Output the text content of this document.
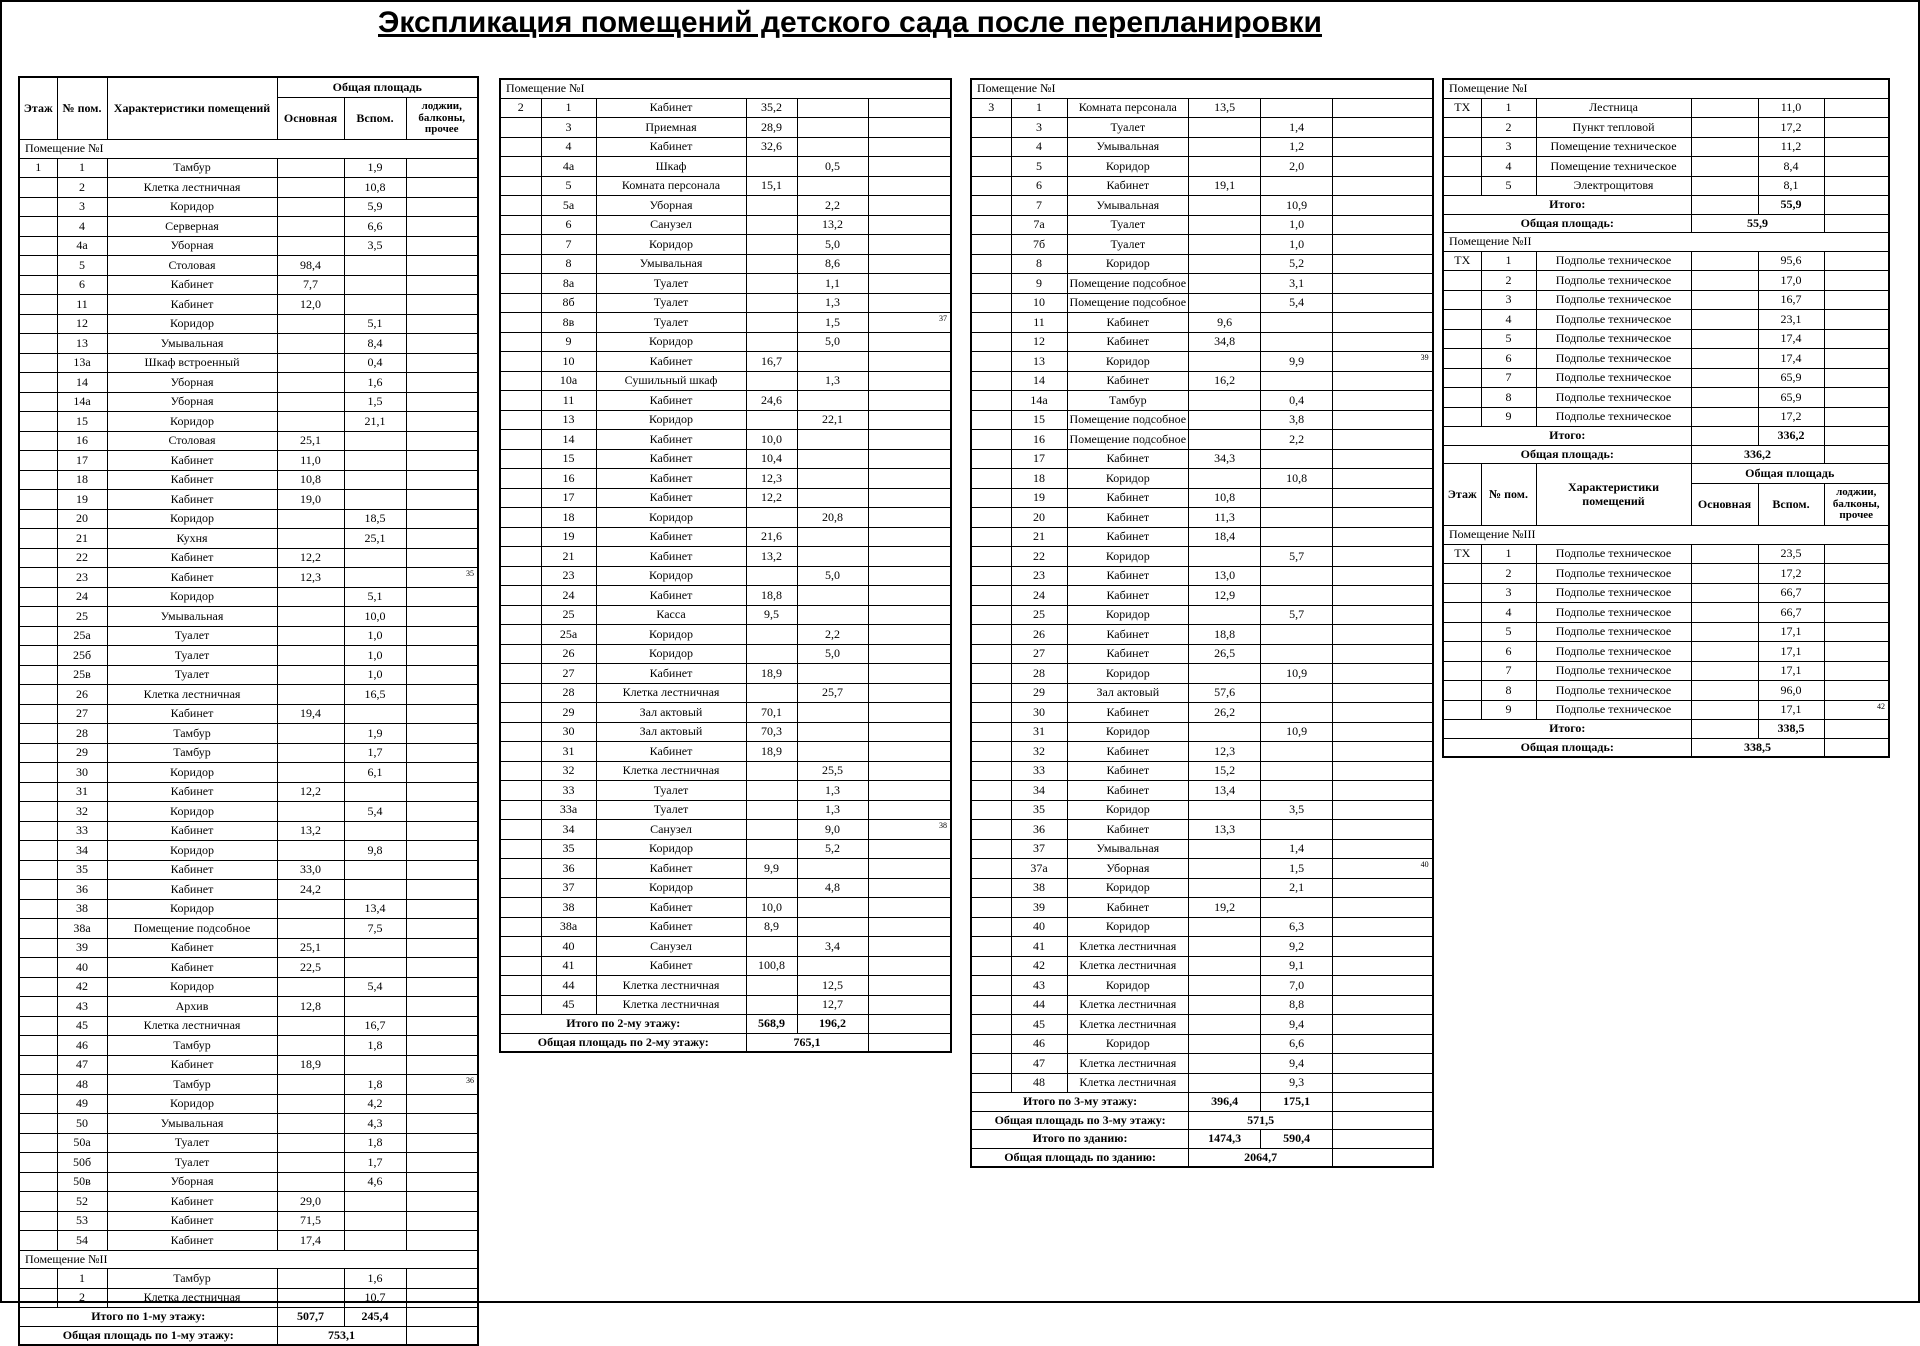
Экспликация помещений детского сада после перепланировки
Этаж	№ пом.	Характеристики помещений	Общая площадь		
			Основная	Вспом.	лоджии, балконы, прочее
Помещение №I					
1	1	Тамбур		1,9	
	2	Клетка лестничная		10,8	
	3	Коридор		5,9	
	4	Серверная		6,6	
	4а	Уборная		3,5	
	5	Столовая	98,4		
	6	Кабинет	7,7		
	11	Кабинет	12,0		
	12	Коридор		5,1	
	13	Умывальная		8,4	
	13а	Шкаф встроенный		0,4	
	14	Уборная		1,6	
	14а	Уборная		1,5	
	15	Коридор		21,1	
	16	Столовая	25,1		
	17	Кабинет	11,0		
	18	Кабинет	10,8		
	19	Кабинет	19,0		
	20	Коридор		18,5	
	21	Кухня		25,1	
	22	Кабинет	12,2		
	23	Кабинет	12,3		35
	24	Коридор		5,1	
	25	Умывальная		10,0	
	25а	Туалет		1,0	
	25б	Туалет		1,0	
	25в	Туалет		1,0	
	26	Клетка лестничная		16,5	
	27	Кабинет	19,4		
	28	Тамбур		1,9	
	29	Тамбур		1,7	
	30	Коридор		6,1	
	31	Кабинет	12,2		
	32	Коридор		5,4	
	33	Кабинет	13,2		
	34	Коридор		9,8	
	35	Кабинет	33,0		
	36	Кабинет	24,2		
	38	Коридор		13,4	
	38а	Помещение подсобное		7,5	
	39	Кабинет	25,1		
	40	Кабинет	22,5		
	42	Коридор		5,4	
	43	Архив	12,8		
	45	Клетка лестничная		16,7	
	46	Тамбур		1,8	
	47	Кабинет	18,9		
	48	Тамбур		1,8	36
	49	Коридор		4,2	
	50	Умывальная		4,3	
	50а	Туалет		1,8	
	50б	Туалет		1,7	
	50в	Уборная		4,6	
	52	Кабинет	29,0		
	53	Кабинет	71,5		
	54	Кабинет	17,4		
Помещение №II					
	1	Тамбур		1,6	
	2	Клетка лестничная		10,7	
Итого по 1-му этажу:			507,7	245,4	
Общая площадь по 1-му этажу:			753,1		
Помещение №I					
2	1	Кабинет	35,2		
	3	Приемная	28,9		
	4	Кабинет	32,6		
	4а	Шкаф		0,5	
	5	Комната персонала	15,1		
	5а	Уборная		2,2	
	6	Санузел		13,2	
	7	Коридор		5,0	
	8	Умывальная		8,6	
	8а	Туалет		1,1	
	8б	Туалет		1,3	
	8в	Туалет		1,5	37
	9	Коридор		5,0	
	10	Кабинет	16,7		
	10а	Сушильный шкаф		1,3	
	11	Кабинет	24,6		
	13	Коридор		22,1	
	14	Кабинет	10,0		
	15	Кабинет	10,4		
	16	Кабинет	12,3		
	17	Кабинет	12,2		
	18	Коридор		20,8	
	19	Кабинет	21,6		
	21	Кабинет	13,2		
	23	Коридор		5,0	
	24	Кабинет	18,8		
	25	Касса	9,5		
	25а	Коридор		2,2	
	26	Коридор		5,0	
	27	Кабинет	18,9		
	28	Клетка лестничная		25,7	
	29	Зал актовый	70,1		
	30	Зал актовый	70,3		
	31	Кабинет	18,9		
	32	Клетка лестничная		25,5	
	33	Туалет		1,3	
	33а	Туалет		1,3	
	34	Санузел		9,0	38
	35	Коридор		5,2	
	36	Кабинет	9,9		
	37	Коридор		4,8	
	38	Кабинет	10,0		
	38а	Кабинет	8,9		
	40	Санузел		3,4	
	41	Кабинет	100,8		
	44	Клетка лестничная		12,5	
	45	Клетка лестничная		12,7	
Итого по 2-му этажу:			568,9	196,2	
Общая площадь по 2-му этажу:			765,1		
Помещение №I					
3	1	Комната персонала	13,5		
	3	Туалет		1,4	
	4	Умывальная		1,2	
	5	Коридор		2,0	
	6	Кабинет	19,1		
	7	Умывальная		10,9	
	7а	Туалет		1,0	
	7б	Туалет		1,0	
	8	Коридор		5,2	
	9	Помещение подсобное		3,1	
	10	Помещение подсобное		5,4	
	11	Кабинет	9,6		
	12	Кабинет	34,8		
	13	Коридор		9,9	39
	14	Кабинет	16,2		
	14а	Тамбур		0,4	
	15	Помещение подсобное		3,8	
	16	Помещение подсобное		2,2	
	17	Кабинет	34,3		
	18	Коридор		10,8	
	19	Кабинет	10,8		
	20	Кабинет	11,3		
	21	Кабинет	18,4		
	22	Коридор		5,7	
	23	Кабинет	13,0		
	24	Кабинет	12,9		
	25	Коридор		5,7	
	26	Кабинет	18,8		
	27	Кабинет	26,5		
	28	Коридор		10,9	
	29	Зал актовый	57,6		
	30	Кабинет	26,2		
	31	Коридор		10,9	
	32	Кабинет	12,3		
	33	Кабинет	15,2		
	34	Кабинет	13,4		
	35	Коридор		3,5	
	36	Кабинет	13,3		
	37	Умывальная		1,4	
	37а	Уборная		1,5	40
	38	Коридор		2,1	
	39	Кабинет	19,2		
	40	Коридор		6,3	
	41	Клетка лестничная		9,2	
	42	Клетка лестничная		9,1	
	43	Коридор		7,0	
	44	Клетка лестничная		8,8	
	45	Клетка лестничная		9,4	
	46	Коридор		6,6	
	47	Клетка лестничная		9,4	
	48	Клетка лестничная		9,3	
Итого по 3-му этажу:			396,4	175,1	
Общая площадь по 3-му этажу:			571,5		
Итого по зданию:			1474,3	590,4	
Общая площадь по зданию:			2064,7		
Помещение №I					
ТХ	1	Лестница		11,0	
	2	Пункт тепловой		17,2	
	3	Помещение техническое		11,2	
	4	Помещение техническое		8,4	
	5	Электрощитовя		8,1	
Итого:				55,9	
Общая площадь:			55,9		
Помещение №II					
ТХ	1	Подполье техническое		95,6	
	2	Подполье техническое		17,0	
	3	Подполье техническое		16,7	
	4	Подполье техническое		23,1	
	5	Подполье техническое		17,4	
	6	Подполье техническое		17,4	
	7	Подполье техническое		65,9	
	8	Подполье техническое		65,9	
	9	Подполье техническое		17,2	
Итого:				336,2	
Общая площадь:			336,2		
Этаж	№ пом.	Характеристики помещений	Общая площадь		
			Основная	Вспом.	лоджии, балконы, прочее
Помещение №III					
ТХ	1	Подполье техническое		23,5	
	2	Подполье техническое		17,2	
	3	Подполье техническое		66,7	
	4	Подполье техническое		66,7	
	5	Подполье техническое		17,1	
	6	Подполье техническое		17,1	
	7	Подполье техническое		17,1	
	8	Подполье техническое		96,0	
	9	Подполье техническое		17,1	42
Итого:				338,5	
Общая площадь:			338,5		
